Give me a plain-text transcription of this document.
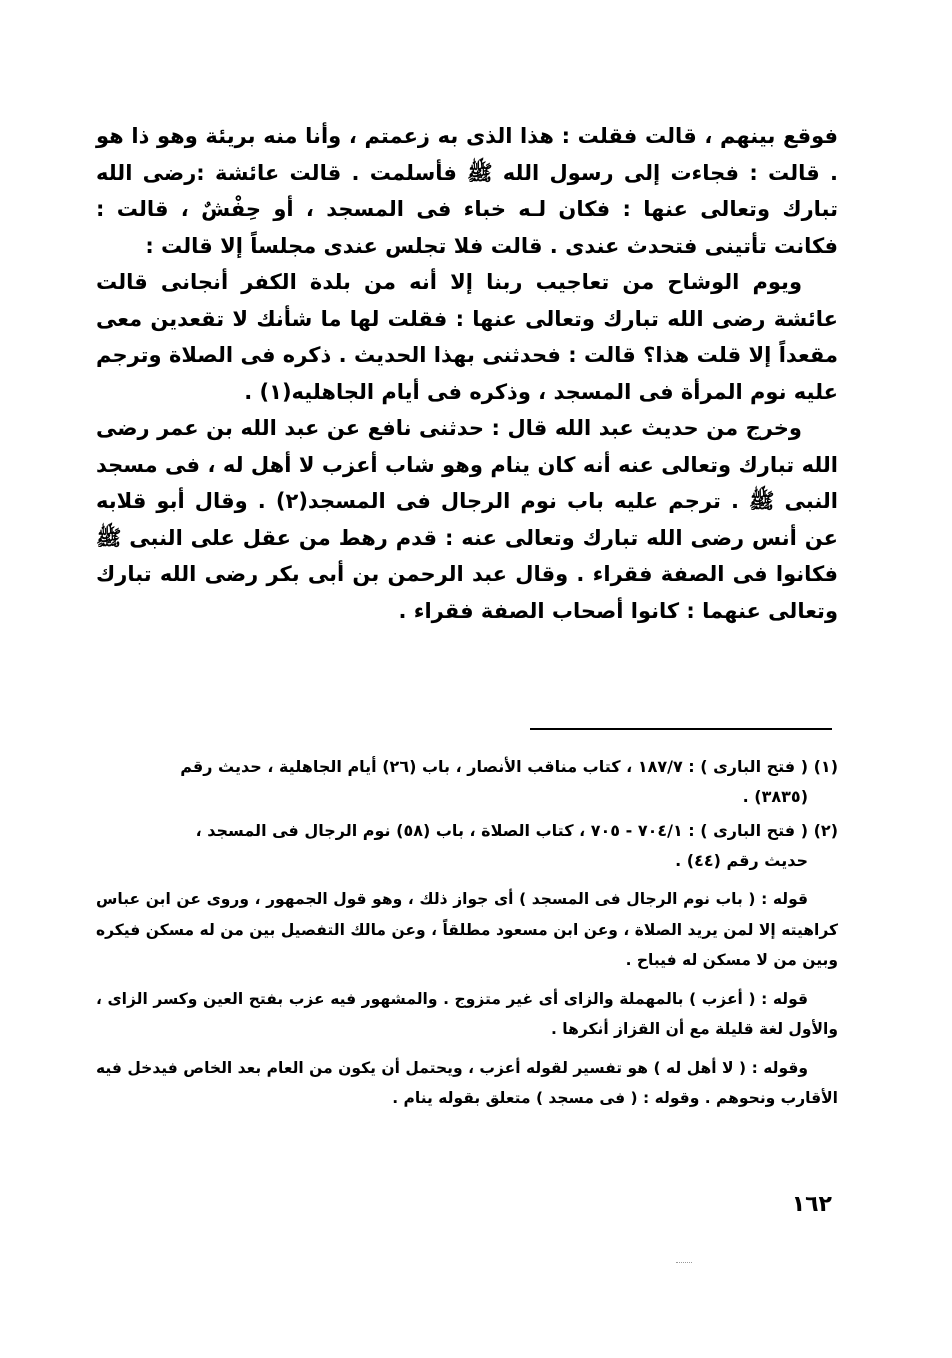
فوقع بينهم ، قالت فقلت : هذا الذى به زعمتم ، وأنا منه بريئة وهو ذا هو . قالت : فجاءت إلى رسول الله ﷺ فأسلمت . قالت عائشة :رضى الله تبارك وتعالى عنها : فكان لـه خباء فى المسجد ، أو حِفْشٌ ، قالت : فكانت تأتينى فتحدث عندى . قالت فلا تجلس عندى مجلساً إلا قالت :

ويوم الوشاح من تعاجيب ربنا إلا أنه من بلدة الكفر أنجانى قالت عائشة رضى الله تبارك وتعالى عنها : فقلت لها ما شأنك لا تقعدين معى مقعداً إلا قلت هذا؟ قالت : فحدثنى بهذا الحديث . ذكره فى الصلاة وترجم عليه نوم المرأة فى المسجد ، وذكره فى أيام الجاهليه(١) .

وخرج من حديث عبد الله قال : حدثنى نافع عن عبد الله بن عمر رضى الله تبارك وتعالى عنه أنه كان ينام وهو شاب أعزب لا أهل له ، فى مسجد النبى ﷺ . ترجم عليه باب نوم الرجال فى المسجد(٢) . وقال أبو قلابه عن أنس رضى الله تبارك وتعالى عنه : قدم رهط من عقل على النبى ﷺ فكانوا فى الصفة فقراء . وقال عبد الرحمن بن أبى بكر رضى الله تبارك وتعالى عنهما : كانوا أصحاب الصفة فقراء .

(١) ( فتح البارى ) : ١٨٧/٧ ، كتاب مناقب الأنصار ، باب (٢٦) أيام الجاهلية ، حديث رقم
(٣٨٣٥) .
(٢) ( فتح البارى ) : ٧٠٤/١ - ٧٠٥ ، كتاب الصلاة ، باب (٥٨) نوم الرجال فى المسجد ،
حديث رقم (٤٤) .

قوله : ( باب نوم الرجال فى المسجد ) أى جواز ذلك ، وهو قول الجمهور ، وروى عن ابن عباس كراهيته إلا لمن يريد الصلاة ، وعن ابن مسعود مطلقاً ، وعن مالك التفصيل بين من له مسكن فيكره وبين من لا مسكن له فيباح .

قوله : ( أعزب ) بالمهملة والزاى أى غير متزوج . والمشهور فيه عزب بفتح العين وكسر الزاى ، والأول لغة قليلة مع أن القزاز أنكرها .

وقوله : ( لا أهل له ) هو تفسير لقوله أعزب ، ويحتمل أن يكون من العام بعد الخاص فيدخل فيه الأقارب ونحوهم . وقوله : ( فى مسجد ) متعلق بقوله ينام .

١٦٢
